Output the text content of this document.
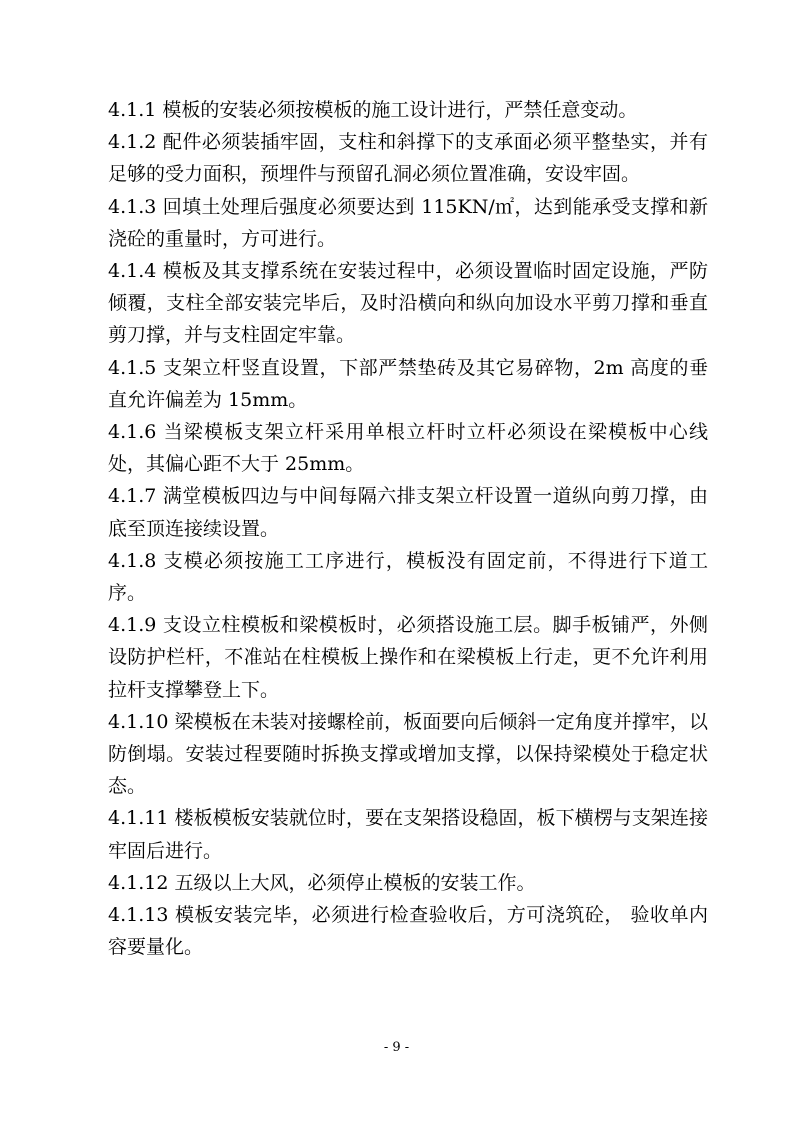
4.1.1 模板的安装必须按模板的施工设计进行，严禁任意变动。

4.1.2 配件必须装插牢固，支柱和斜撑下的支承面必须平整垫实，并有足够的受力面积，预埋件与预留孔洞必须位置准确，安设牢固。

4.1.3 回填土处理后强度必须要达到 115KN/㎡，达到能承受支撑和新浇砼的重量时，方可进行。

4.1.4 模板及其支撑系统在安装过程中，必须设置临时固定设施，严防倾覆，支柱全部安装完毕后，及时沿横向和纵向加设水平剪刀撑和垂直剪刀撑，并与支柱固定牢靠。

4.1.5 支架立杆竖直设置，下部严禁垫砖及其它易碎物，2m 高度的垂直允许偏差为 15mm。

4.1.6 当梁模板支架立杆采用单根立杆时立杆必须设在梁模板中心线处，其偏心距不大于 25mm。

4.1.7 满堂模板四边与中间每隔六排支架立杆设置一道纵向剪刀撑，由底至顶连接续设置。

4.1.8 支模必须按施工工序进行，模板没有固定前，不得进行下道工序。

4.1.9 支设立柱模板和梁模板时，必须搭设施工层。脚手板铺严，外侧设防护栏杆，不准站在柱模板上操作和在梁模板上行走，更不允许利用拉杆支撑攀登上下。

4.1.10 梁模板在未装对接螺栓前，板面要向后倾斜一定角度并撑牢，以防倒塌。安装过程要随时拆换支撑或增加支撑，以保持梁模处于稳定状态。

4.1.11 楼板模板安装就位时，要在支架搭设稳固，板下横楞与支架连接牢固后进行。

4.1.12 五级以上大风，必须停止模板的安装工作。

4.1.13 模板安装完毕，必须进行检查验收后，方可浇筑砼， 验收单内容要量化。

- 9 -
